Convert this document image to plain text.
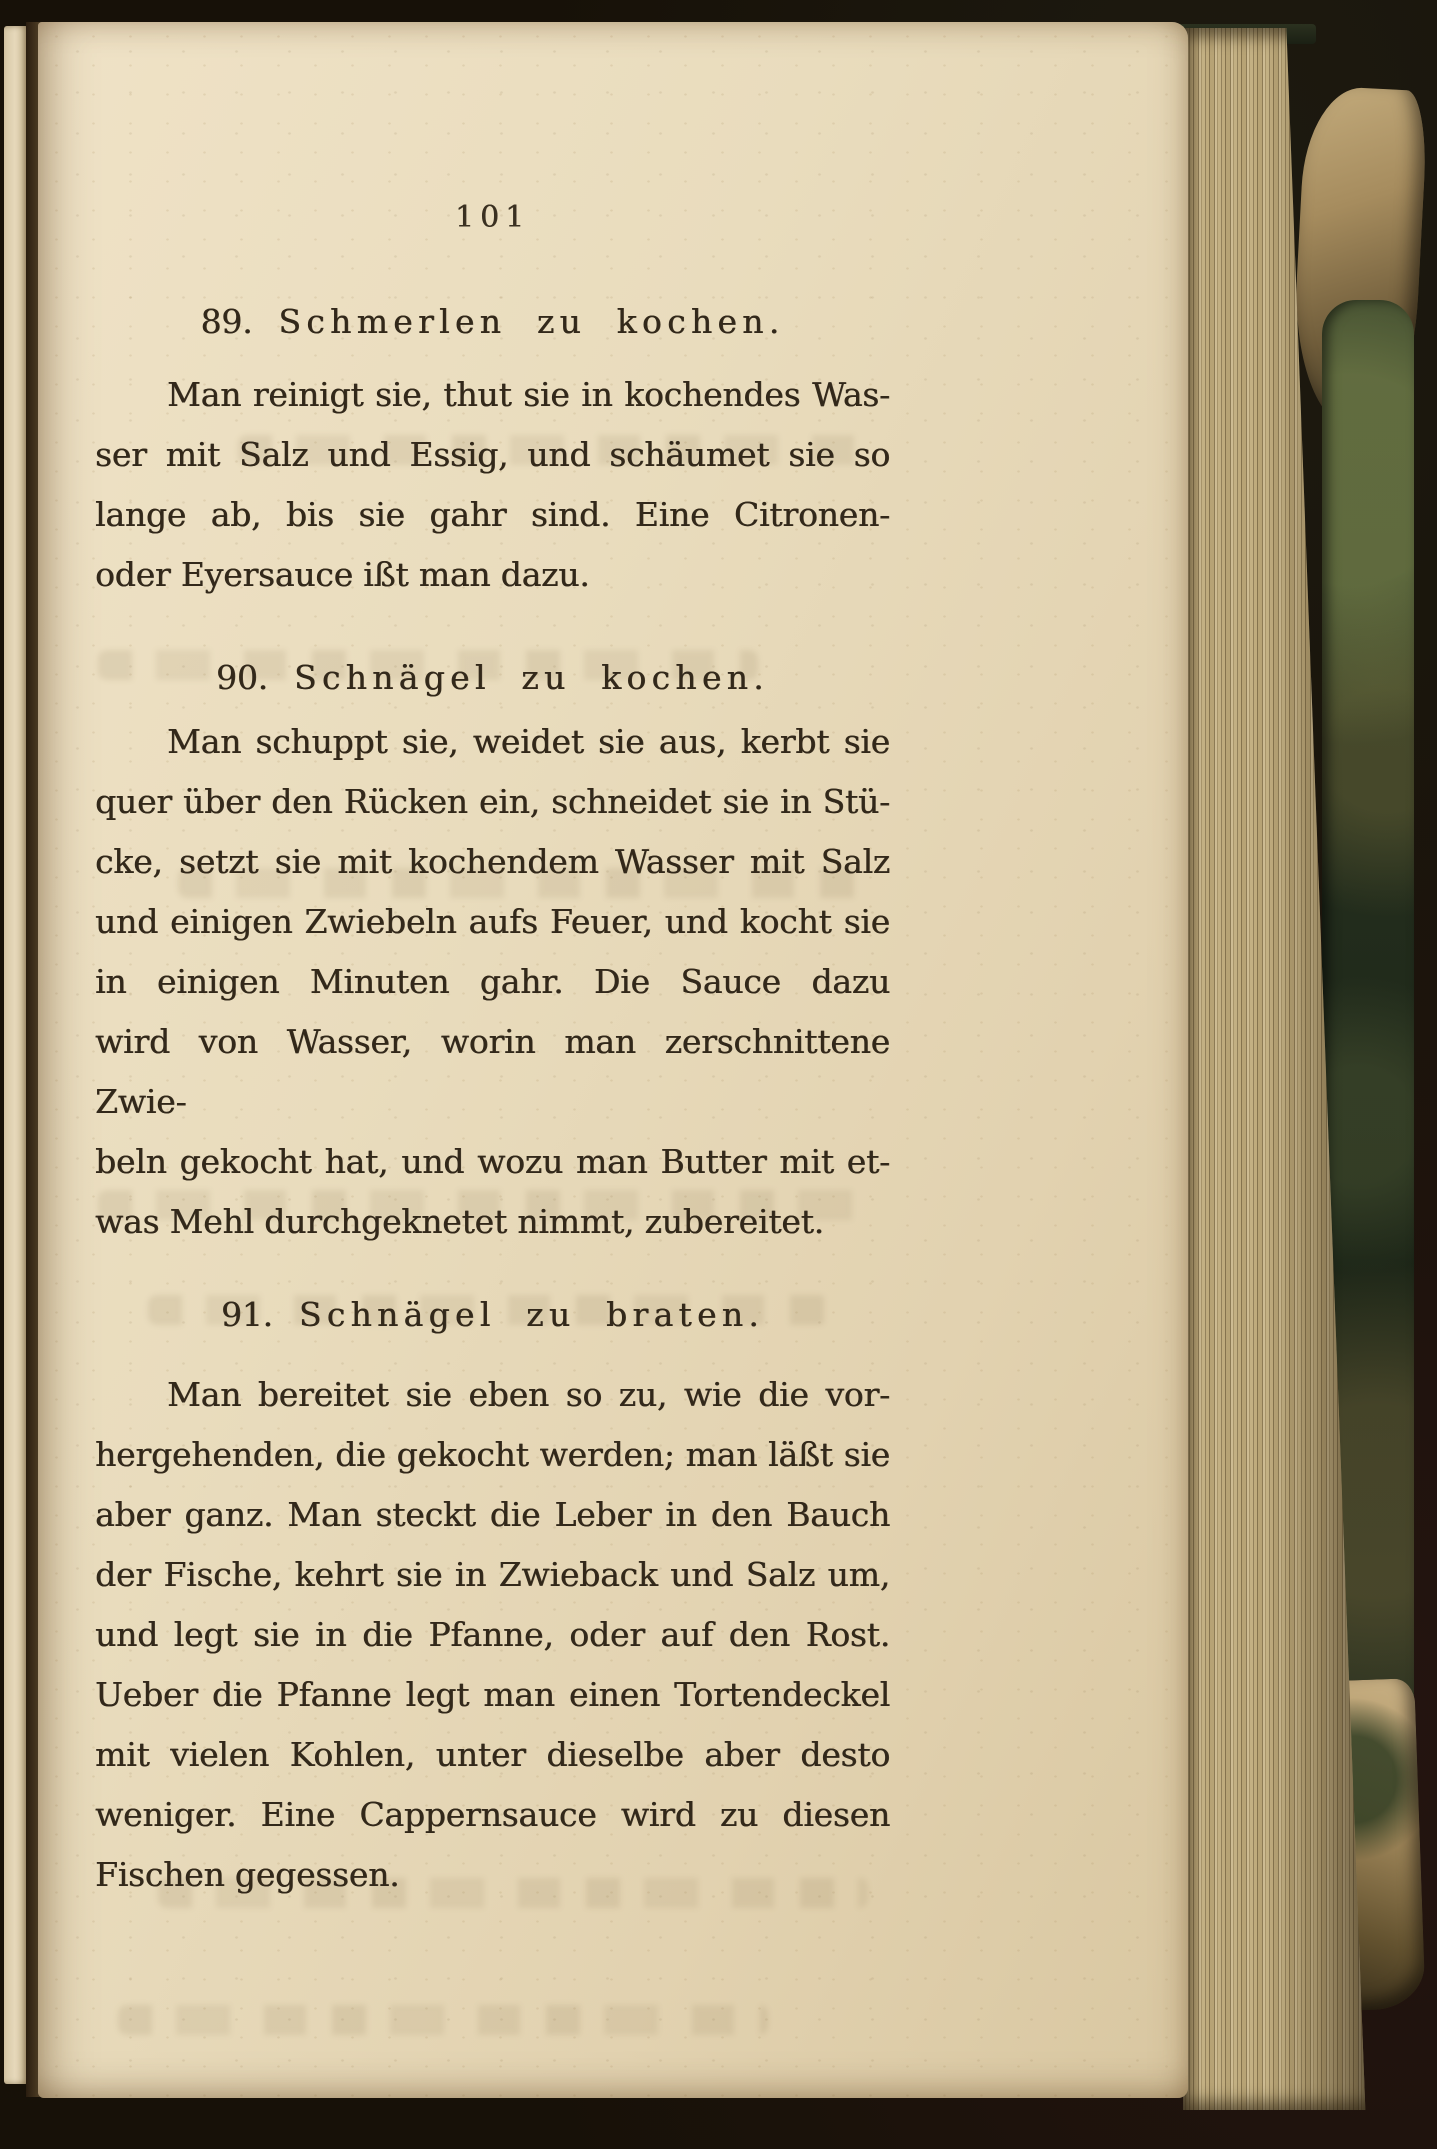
101
89. Schmerlen zu kochen.
Man reinigt sie, thut sie in kochendes Was-
ser mit Salz und Essig, und schäumet sie so
lange ab, bis sie gahr sind. Eine Citronen-
oder Eyersauce ißt man dazu.
90. Schnägel zu kochen.
Man schuppt sie, weidet sie aus, kerbt sie
quer über den Rücken ein, schneidet sie in Stü-
cke, setzt sie mit kochendem Wasser mit Salz
und einigen Zwiebeln aufs Feuer, und kocht sie
in einigen Minuten gahr. Die Sauce dazu
wird von Wasser, worin man zerschnittene Zwie-
beln gekocht hat, und wozu man Butter mit et-
was Mehl durchgeknetet nimmt, zubereitet.
91. Schnägel zu braten.
Man bereitet sie eben so zu, wie die vor-
hergehenden, die gekocht werden; man läßt sie
aber ganz. Man steckt die Leber in den Bauch
der Fische, kehrt sie in Zwieback und Salz um,
und legt sie in die Pfanne, oder auf den Rost.
Ueber die Pfanne legt man einen Tortendeckel
mit vielen Kohlen, unter dieselbe aber desto
weniger. Eine Cappernsauce wird zu diesen
Fischen gegessen.
